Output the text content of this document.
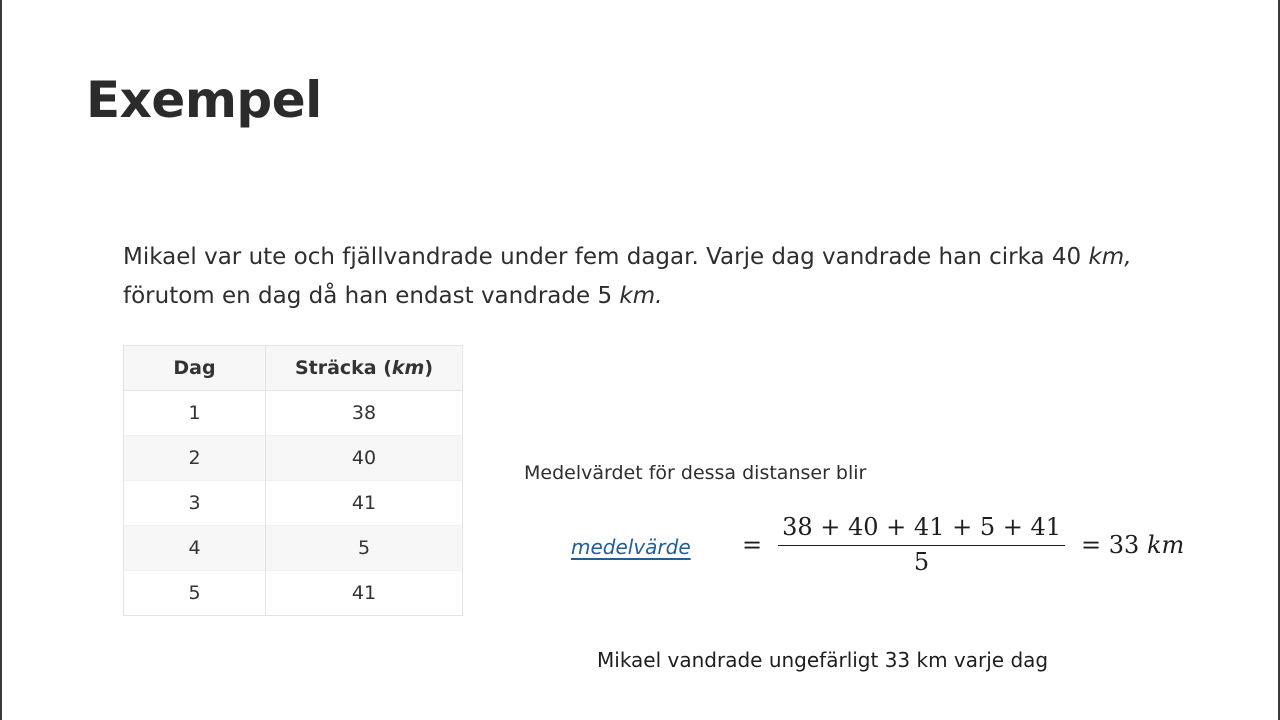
Exempel
Mikael var ute och fjällvandrade under fem dagar. Varje dag vandrade han cirka 40 km,
förutom en dag då han endast vandrade 5 km.
Dag	Sträcka (km)
1	38
2	40
3	41
4	5
5	41
Medelvärdet för dessa distanser blir
medelvärde = $\frac{38 + 40 + 41 + 5 + 41}{5} = 33$ km
Mikael vandrade ungefärligt 33 km varje dag
